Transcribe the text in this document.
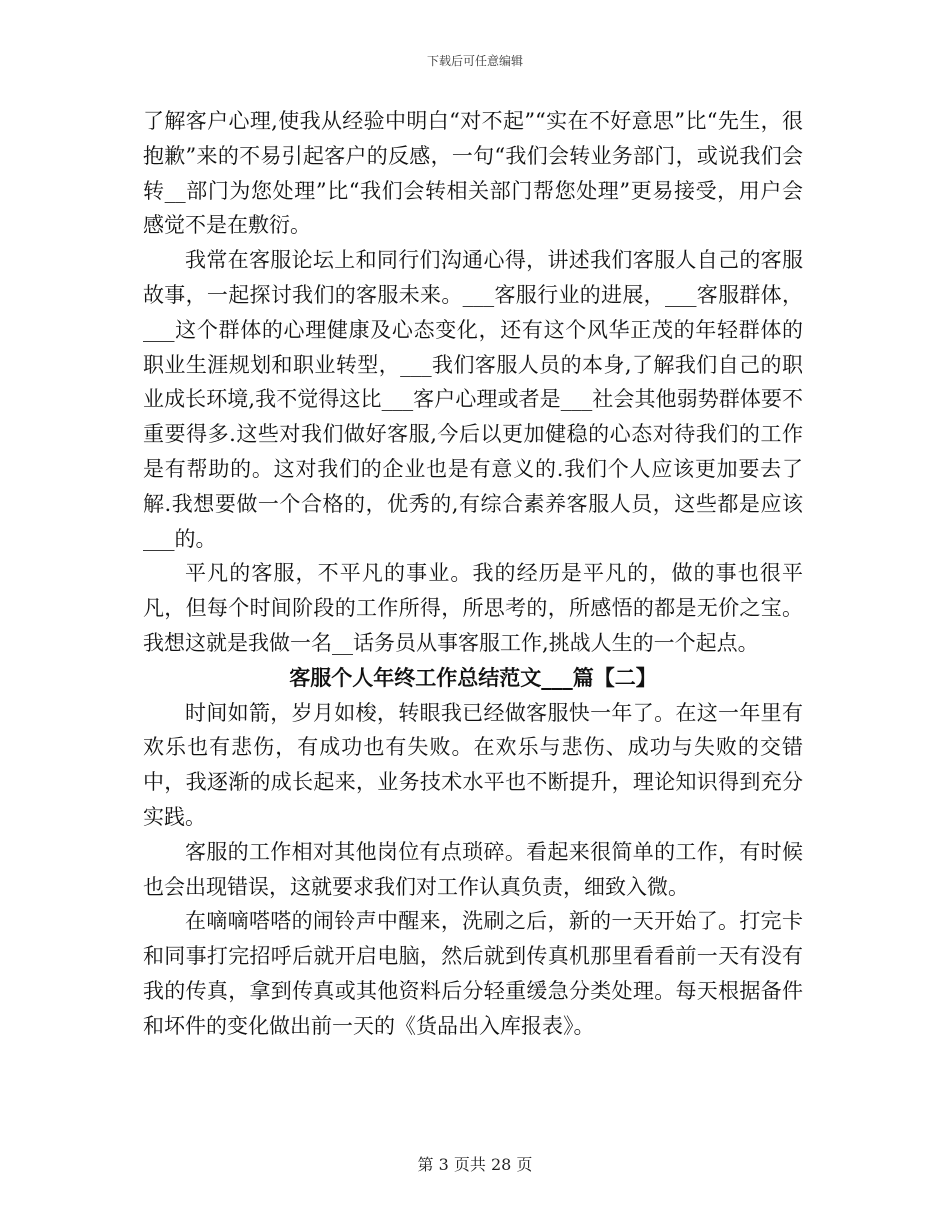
下载后可任意编辑

了解客户心理,使我从经验中明白“对不起”“实在不好意思”比“先生，很抱歉”来的不易引起客户的反感，一句“我们会转业务部门，或说我们会转__部门为您处理”比“我们会转相关部门帮您处理”更易接受，用户会感觉不是在敷衍。

我常在客服论坛上和同行们沟通心得，讲述我们客服人自己的客服故事，一起探讨我们的客服未来。___客服行业的进展，___客服群体，___这个群体的心理健康及心态变化，还有这个风华正茂的年轻群体的职业生涯规划和职业转型，___我们客服人员的本身,了解我们自己的职业成长环境,我不觉得这比___客户心理或者是___社会其他弱势群体要不重要得多.这些对我们做好客服,今后以更加健稳的心态对待我们的工作是有帮助的。这对我们的企业也是有意义的.我们个人应该更加要去了解.我想要做一个合格的，优秀的,有综合素养客服人员，这些都是应该___的。

平凡的客服，不平凡的事业。我的经历是平凡的，做的事也很平凡，但每个时间阶段的工作所得，所思考的，所感悟的都是无价之宝。我想这就是我做一名__话务员从事客服工作,挑战人生的一个起点。

客服个人年终工作总结范文___篇【二】

时间如箭，岁月如梭，转眼我已经做客服快一年了。在这一年里有欢乐也有悲伤，有成功也有失败。在欢乐与悲伤、成功与失败的交错中，我逐渐的成长起来，业务技术水平也不断提升，理论知识得到充分实践。

客服的工作相对其他岗位有点琐碎。看起来很简单的工作，有时候也会出现错误，这就要求我们对工作认真负责，细致入微。

在嘀嘀嗒嗒的闹铃声中醒来，洗刷之后，新的一天开始了。打完卡和同事打完招呼后就开启电脑，然后就到传真机那里看看前一天有没有我的传真，拿到传真或其他资料后分轻重缓急分类处理。每天根据备件和坏件的变化做出前一天的《货品出入库报表》。

第 3 页共 28 页
